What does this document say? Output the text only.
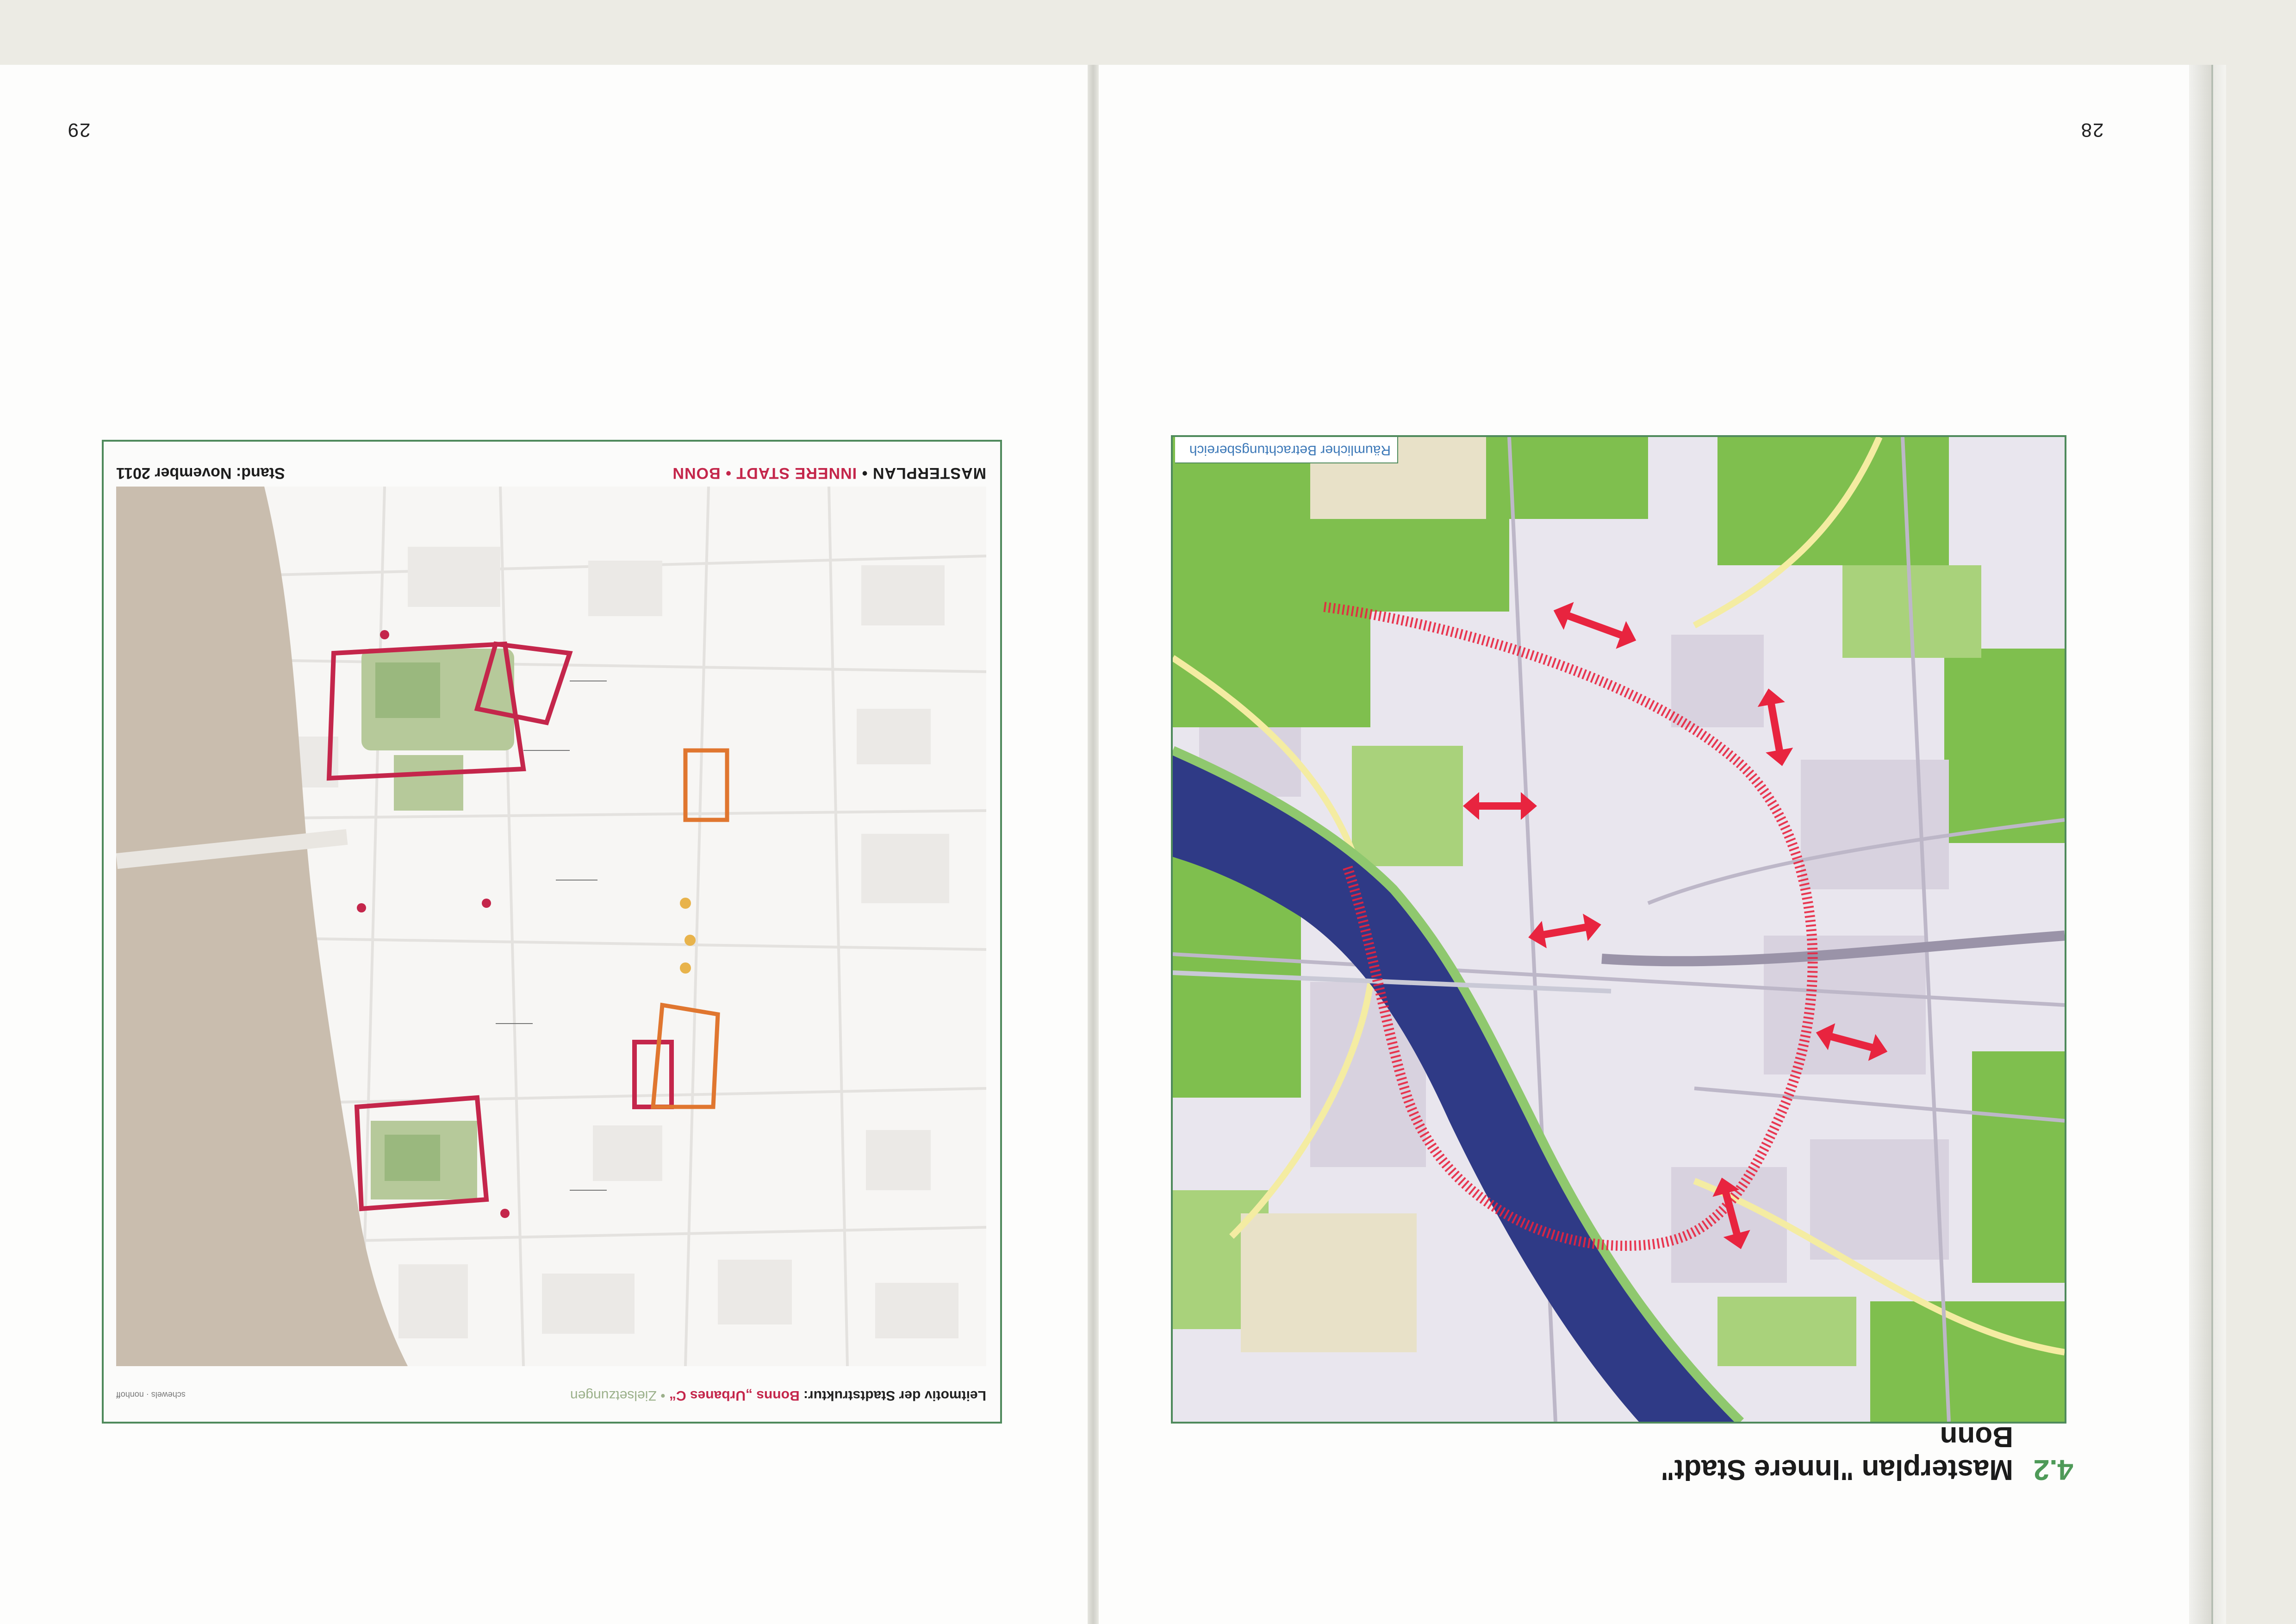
29	28
MASTERPLAN • INNERE STADT • BONN
Stand: November 2011
Leitmotiv der Stadtstruktur: Bonns „Urbanes C“ • Zielsetzungen
schewels · nonhoff
Räumlicher Betrachtungsbereich
4.2
Masterplan "Innere Stadt" Bonn
